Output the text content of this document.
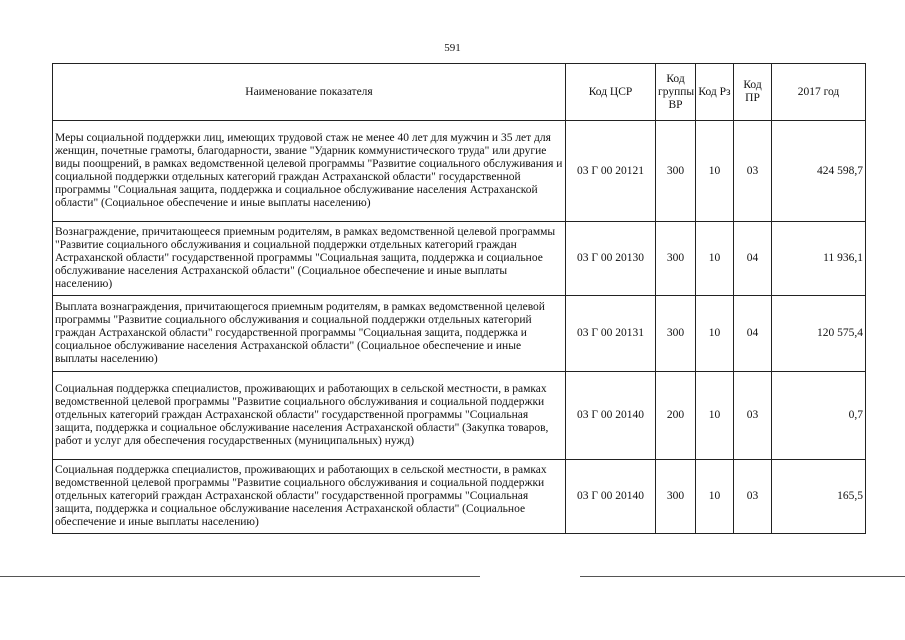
591
Наименование показателя	Код ЦСР	Код группы ВР	Код Рз	Код ПР	2017 год
Меры социальной поддержки лиц, имеющих трудовой стаж не менее 40 лет для мужчин и 35 лет для женщин, почетные грамоты, благодарности, звание "Ударник коммунистического труда" или другие виды поощрений, в рамках ведомственной целевой программы "Развитие социального обслуживания и социальной поддержки отдельных категорий граждан Астраханской области" государственной программы "Социальная защита, поддержка и социальное обслуживание населения Астраханской области" (Социальное обеспечение и иные выплаты населению)	03 Г 00 20121	300	10	03	424 598,7
Вознаграждение, причитающееся приемным родителям, в рамках ведомственной целевой программы "Развитие социального обслуживания и социальной поддержки отдельных категорий граждан Астраханской области" государственной программы "Социальная защита, поддержка и социальное обслуживание населения Астраханской области" (Социальное обеспечение и иные выплаты населению)	03 Г 00 20130	300	10	04	11 936,1
Выплата вознаграждения, причитающегося приемным родителям, в рамках ведомственной целевой программы "Развитие социального обслуживания и социальной поддержки отдельных категорий граждан Астраханской области" государственной программы "Социальная защита, поддержка и социальное обслуживание населения Астраханской области" (Социальное обеспечение и иные выплаты населению)	03 Г 00 20131	300	10	04	120 575,4
Социальная поддержка специалистов, проживающих и работающих в сельской местности, в рамках ведомственной целевой программы "Развитие социального обслуживания и социальной поддержки отдельных категорий граждан Астраханской области" государственной программы "Социальная защита, поддержка и социальное обслуживание населения Астраханской области" (Закупка товаров, работ и услуг для обеспечения государственных (муниципальных) нужд)	03 Г 00 20140	200	10	03	0,7
Социальная поддержка специалистов, проживающих и работающих в сельской местности, в рамках ведомственной целевой программы "Развитие социального обслуживания и социальной поддержки отдельных категорий граждан Астраханской области" государственной программы "Социальная защита, поддержка и социальное обслуживание населения Астраханской области" (Социальное обеспечение и иные выплаты населению)	03 Г 00 20140	300	10	03	165,5
